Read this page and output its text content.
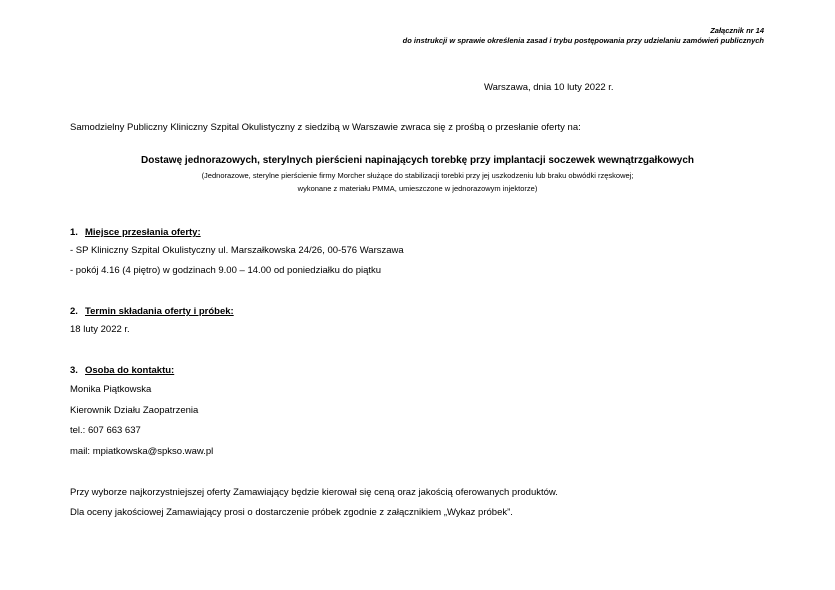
Załącznik nr 14
do instrukcji w sprawie określenia zasad i trybu postępowania przy udzielaniu zamówień publicznych
Warszawa, dnia 10 luty 2022 r.
Samodzielny Publiczny Kliniczny Szpital Okulistyczny z siedzibą w Warszawie zwraca się z prośbą o przesłanie oferty na:
Dostawę jednorazowych, sterylnych pierścieni napinających torebkę przy implantacji soczewek wewnątrzgałkowych
(Jednorazowe, sterylne pierścienie firmy Morcher służące do stabilizacji torebki przy jej uszkodzeniu lub braku obwódki rzęskowej;
wykonane z materiału PMMA, umieszczone w jednorazowym injektorze)
1. Miejsce przesłania oferty:
- SP Kliniczny Szpital Okulistyczny ul. Marszałkowska 24/26, 00-576 Warszawa
- pokój 4.16 (4 piętro) w godzinach 9.00 – 14.00 od poniedziałku do piątku
2. Termin składania oferty i próbek:
18 luty 2022 r.
3. Osoba do kontaktu:
Monika Piątkowska
Kierownik Działu Zaopatrzenia
tel.: 607 663 637
mail: mpiatkowska@spkso.waw.pl
Przy wyborze najkorzystniejszej oferty Zamawiający będzie kierował się ceną oraz jakością oferowanych produktów.
Dla oceny jakościowej Zamawiający prosi o dostarczenie próbek zgodnie z załącznikiem „Wykaz próbek”.
